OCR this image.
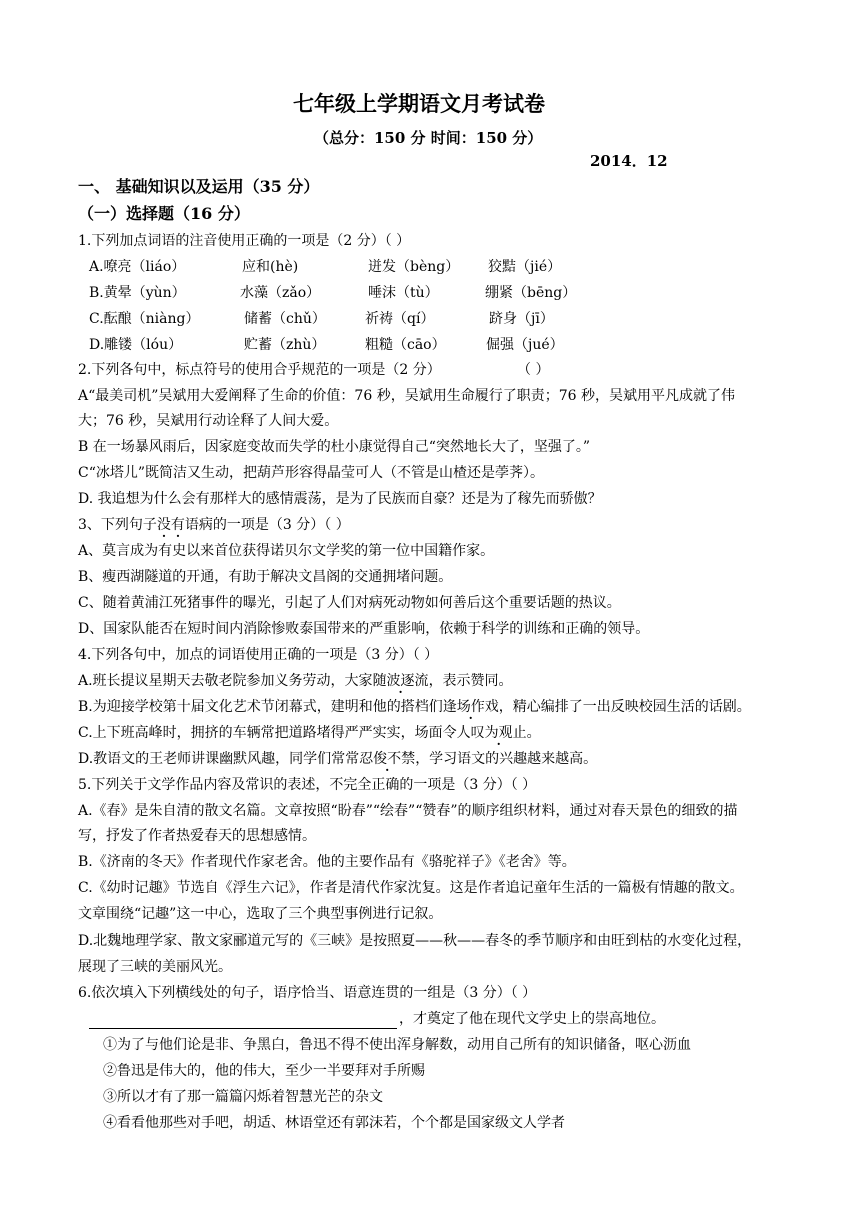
七年级上学期语文月考试卷
（总分：150 分 时间：150 分）
2014．12
一、 基础知识以及运用（35 分）
（一）选择题（16 分）
1.下列加点词语的注音使用正确的一项是（2 分）（ ）
A.嘹亮（liáo）	应和(hè)	迸发（bèng） 狡黠（jié）
B.黄晕（yùn）	水藻（zǎo）	唾沫（tù）	绷紧（bēng）
C.酝酿（niàng）	储蓄（chǔ）	祈祷（qí）	跻身（jī）
D.雕镂（lóu）	贮蓄（zhù）	粗糙（cāo）	倔强（jué）
2.下列各句中，标点符号的使用合乎规范的一项是（2 分）	（ ）
A“最美司机”吴斌用大爱阐释了生命的价值：76 秒，吴斌用生命履行了职责；76 秒，吴斌用平凡成就了伟
大；76 秒，吴斌用行动诠释了人间大爱。
B 在一场暴风雨后，因家庭变故而失学的杜小康觉得自己“突然地长大了，坚强了。”
C“冰塔儿”既简洁又生动，把葫芦形容得晶莹可人（不管是山楂还是荸荠）。
D. 我追想为什么会有那样大的感情震荡，是为了民族而自豪？还是为了稼先而骄傲？
3、下列句子没有语病的一项是（3 分）（ ）
A、莫言成为有史以来首位获得诺贝尔文学奖的第一位中国籍作家。
B、瘦西湖隧道的开通，有助于解决文昌阁的交通拥堵问题。
C、随着黄浦江死猪事件的曝光，引起了人们对病死动物如何善后这个重要话题的热议。
D、国家队能否在短时间内消除惨败泰国带来的严重影响，依赖于科学的训练和正确的领导。
4.下列各句中，加点的词语使用正确的一项是（3 分）（ ）
A.班长提议星期天去敬老院参加义务劳动，大家随波逐流，表示赞同。
B.为迎接学校第十届文化艺术节闭幕式，建明和他的搭档们逢场作戏，精心编排了一出反映校园生活的话剧。
C.上下班高峰时，拥挤的车辆常把道路堵得严严实实，场面令人叹为观止。
D.教语文的王老师讲课幽默风趣，同学们常常忍俊不禁，学习语文的兴趣越来越高。
5.下列关于文学作品内容及常识的表述，不完全正确的一项是（3 分）（ ）
A.《春》是朱自清的散文名篇。文章按照“盼春”“绘春”“赞春”的顺序组织材料，通过对春天景色的细致的描
写，抒发了作者热爱春天的思想感情。
B.《济南的冬天》作者现代作家老舍。他的主要作品有《骆驼祥子》《老舍》等。
C.《幼时记趣》节选自《浮生六记》，作者是清代作家沈复。这是作者追记童年生活的一篇极有情趣的散文。
文章围绕“记趣”这一中心，选取了三个典型事例进行记叙。
D.北魏地理学家、散文家郦道元写的《三峡》是按照夏——秋——春冬的季节顺序和由旺到枯的水变化过程，
展现了三峡的美丽风光。
6.依次填入下列横线处的句子，语序恰当、语意连贯的一组是（3 分）（ ）
，才奠定了他在现代文学史上的崇高地位。
①为了与他们论是非、争黑白，鲁迅不得不使出浑身解数，动用自己所有的知识储备，呕心沥血
②鲁迅是伟大的，他的伟大，至少一半要拜对手所赐
③所以才有了那一篇篇闪烁着智慧光芒的杂文
④看看他那些对手吧，胡适、林语堂还有郭沫若，个个都是国家级文人学者
